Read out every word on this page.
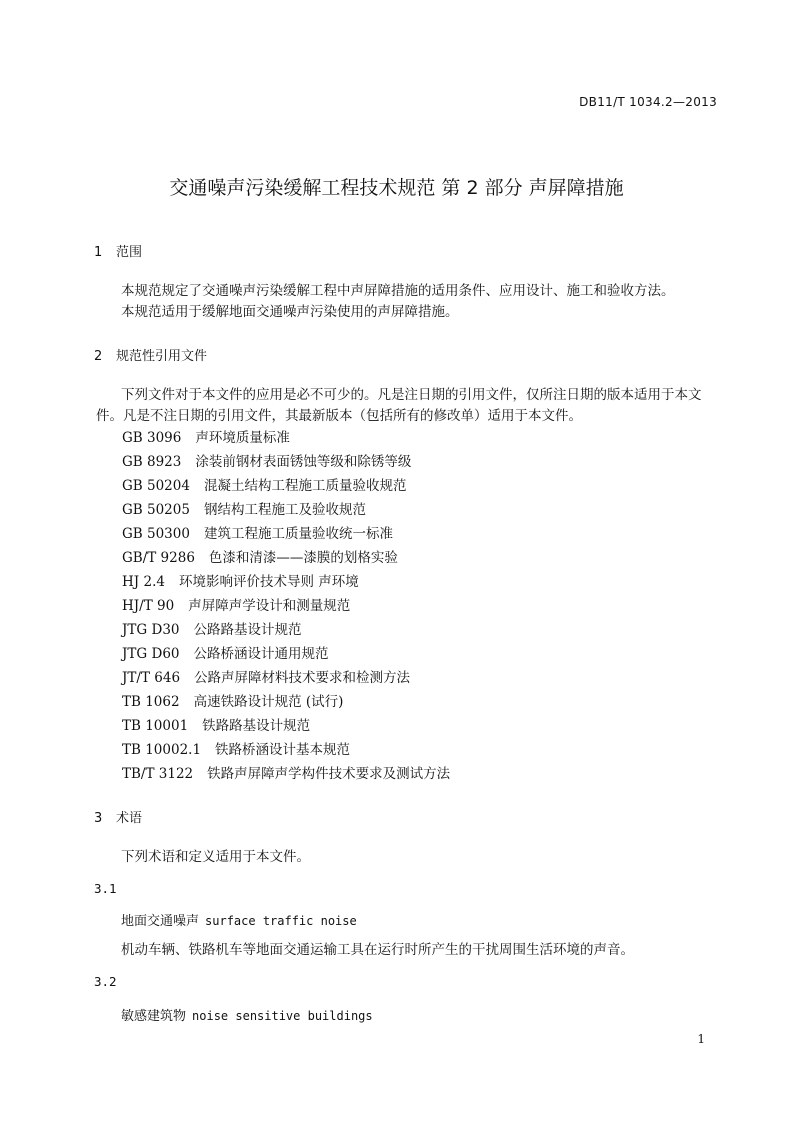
DB11/T 1034.2—2013
交通噪声污染缓解工程技术规范 第 2 部分 声屏障措施
1 范围
本规范规定了交通噪声污染缓解工程中声屏障措施的适用条件、应用设计、施工和验收方法。
本规范适用于缓解地面交通噪声污染使用的声屏障措施。
2 规范性引用文件
下列文件对于本文件的应用是必不可少的。凡是注日期的引用文件，仅所注日期的版本适用于本文
件。凡是不注日期的引用文件，其最新版本（包括所有的修改单）适用于本文件。
GB 3096 声环境质量标准
GB 8923 涂装前钢材表面锈蚀等级和除锈等级
GB 50204 混凝土结构工程施工质量验收规范
GB 50205 钢结构工程施工及验收规范
GB 50300 建筑工程施工质量验收统一标准
GB/T 9286 色漆和清漆——漆膜的划格实验
HJ 2.4 环境影响评价技术导则 声环境
HJ/T 90 声屏障声学设计和测量规范
JTG D30 公路路基设计规范
JTG D60 公路桥涵设计通用规范
JT/T 646 公路声屏障材料技术要求和检测方法
TB 1062 高速铁路设计规范 (试行)
TB 10001 铁路路基设计规范
TB 10002.1 铁路桥涵设计基本规范
TB/T 3122 铁路声屏障声学构件技术要求及测试方法
3 术语
下列术语和定义适用于本文件。
3.1
地面交通噪声 surface traffic noise
机动车辆、铁路机车等地面交通运输工具在运行时所产生的干扰周围生活环境的声音。
3.2
敏感建筑物 noise sensitive buildings
1
